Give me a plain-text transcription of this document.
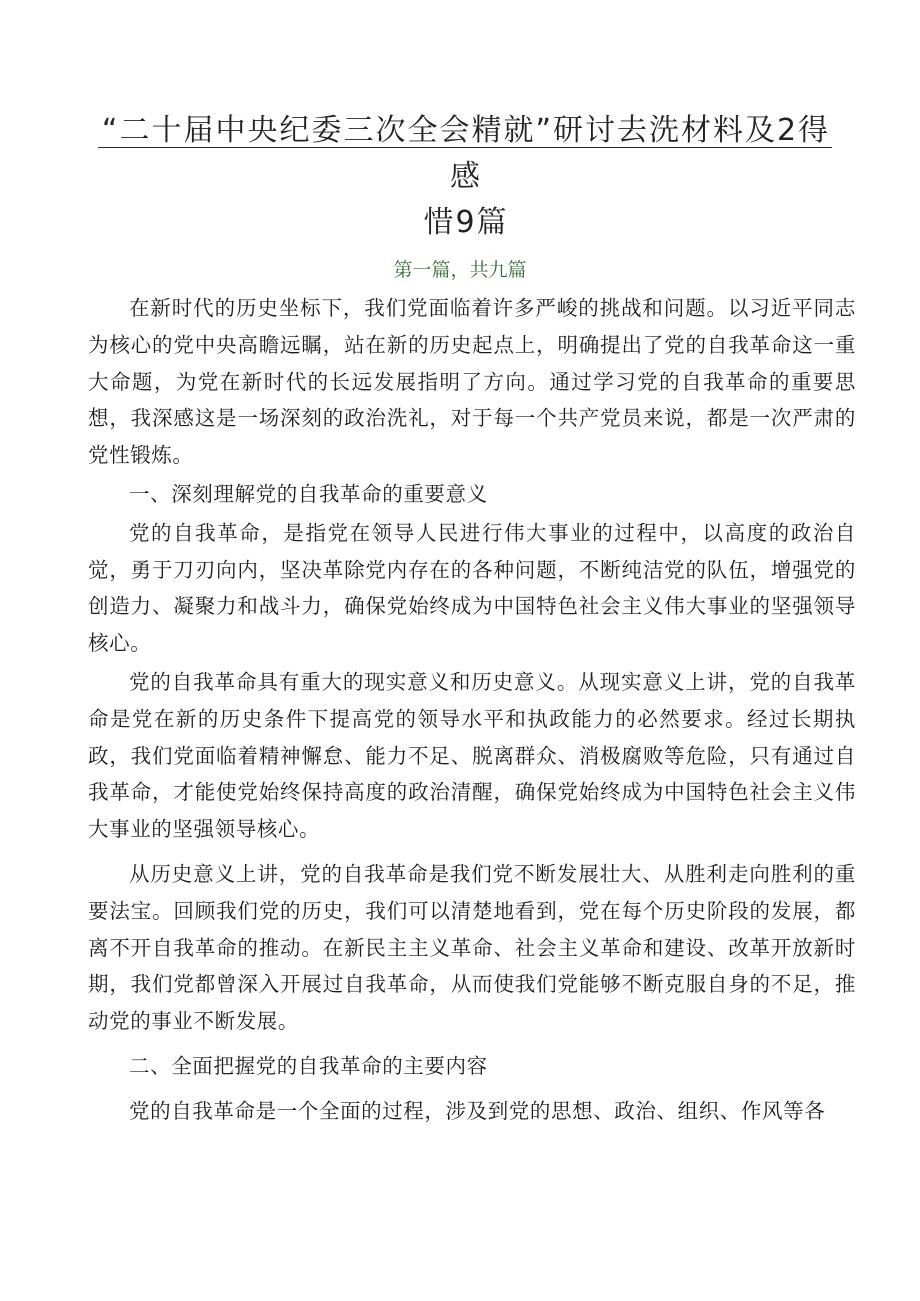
“二十届中央纪委三次全会精就”研讨去洗材料及2得感
惜9篇
第一篇，共九篇

在新时代的历史坐标下，我们党面临着许多严峻的挑战和问题。以习近平同志为核心的党中央高瞻远瞩，站在新的历史起点上，明确提出了党的自我革命这一重大命题，为党在新时代的长远发展指明了方向。通过学习党的自我革命的重要思想，我深感这是一场深刻的政治洗礼，对于每一个共产党员来说，都是一次严肃的党性锻炼。

一、深刻理解党的自我革命的重要意义

党的自我革命，是指党在领导人民进行伟大事业的过程中，以高度的政治自觉，勇于刀刃向内，坚决革除党内存在的各种问题，不断纯洁党的队伍，增强党的创造力、凝聚力和战斗力，确保党始终成为中国特色社会主义伟大事业的坚强领导核心。

党的自我革命具有重大的现实意义和历史意义。从现实意义上讲，党的自我革命是党在新的历史条件下提高党的领导水平和执政能力的必然要求。经过长期执政，我们党面临着精神懈怠、能力不足、脱离群众、消极腐败等危险，只有通过自我革命，才能使党始终保持高度的政治清醒，确保党始终成为中国特色社会主义伟大事业的坚强领导核心。

从历史意义上讲，党的自我革命是我们党不断发展壮大、从胜利走向胜利的重要法宝。回顾我们党的历史，我们可以清楚地看到，党在每个历史阶段的发展，都离不开自我革命的推动。在新民主主义革命、社会主义革命和建设、改革开放新时期，我们党都曾深入开展过自我革命，从而使我们党能够不断克服自身的不足，推动党的事业不断发展。

二、全面把握党的自我革命的主要内容

党的自我革命是一个全面的过程，涉及到党的思想、政治、组织、作风等各
